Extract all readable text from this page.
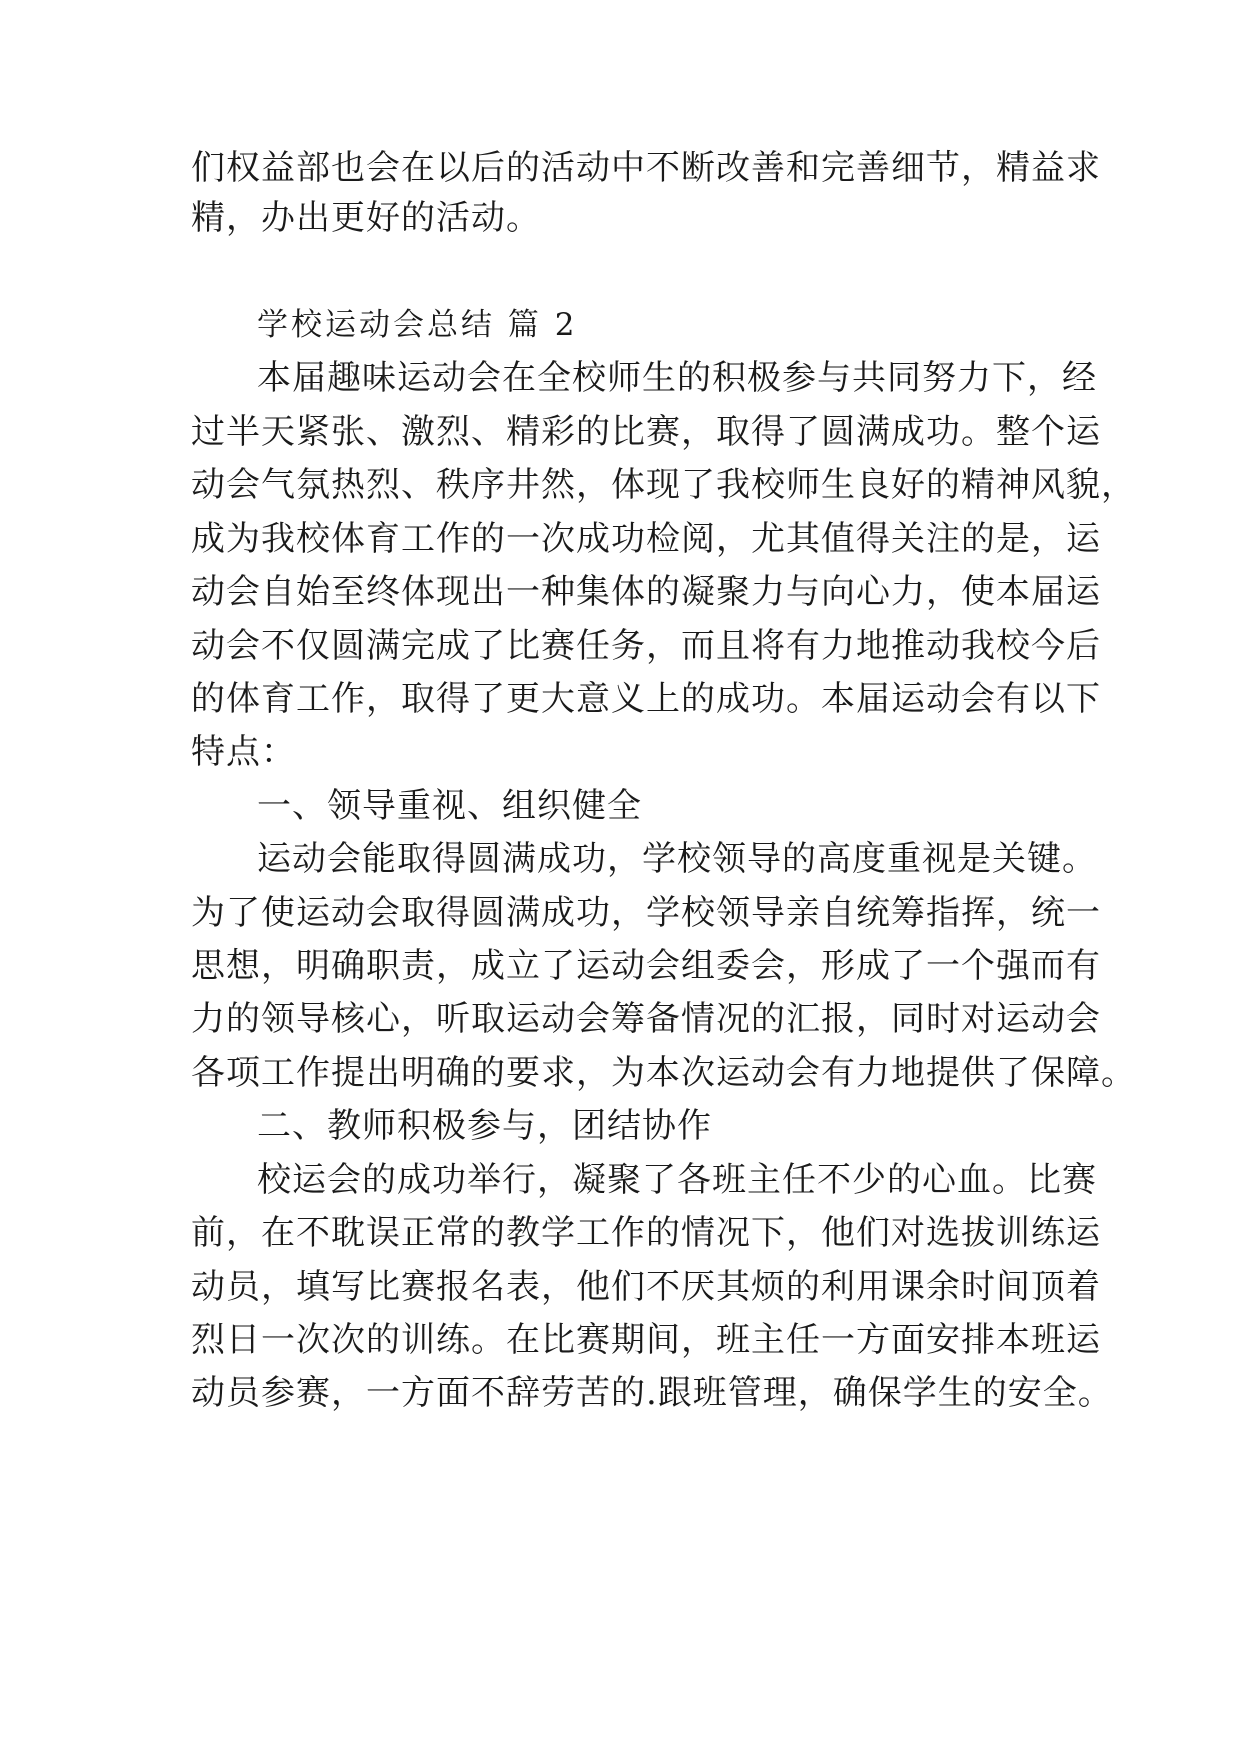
们权益部也会在以后的活动中不断改善和完善细节，精益求
精，办出更好的活动。
学校运动会总结 篇 2
本届趣味运动会在全校师生的积极参与共同努力下，经
过半天紧张、激烈、精彩的比赛，取得了圆满成功。整个运
动会气氛热烈、秩序井然，体现了我校师生良好的精神风貌，
成为我校体育工作的一次成功检阅，尤其值得关注的是，运
动会自始至终体现出一种集体的凝聚力与向心力，使本届运
动会不仅圆满完成了比赛任务，而且将有力地推动我校今后
的体育工作，取得了更大意义上的成功。本届运动会有以下
特点：
一、领导重视、组织健全
运动会能取得圆满成功，学校领导的高度重视是关键。
为了使运动会取得圆满成功，学校领导亲自统筹指挥，统一
思想，明确职责，成立了运动会组委会，形成了一个强而有
力的领导核心，听取运动会筹备情况的汇报，同时对运动会
各项工作提出明确的要求，为本次运动会有力地提供了保障。
二、教师积极参与，团结协作
校运会的成功举行，凝聚了各班主任不少的心血。比赛
前，在不耽误正常的教学工作的情况下，他们对选拔训练运
动员，填写比赛报名表，他们不厌其烦的利用课余时间顶着
烈日一次次的训练。在比赛期间，班主任一方面安排本班运
动员参赛，一方面不辞劳苦的.跟班管理，确保学生的安全。
